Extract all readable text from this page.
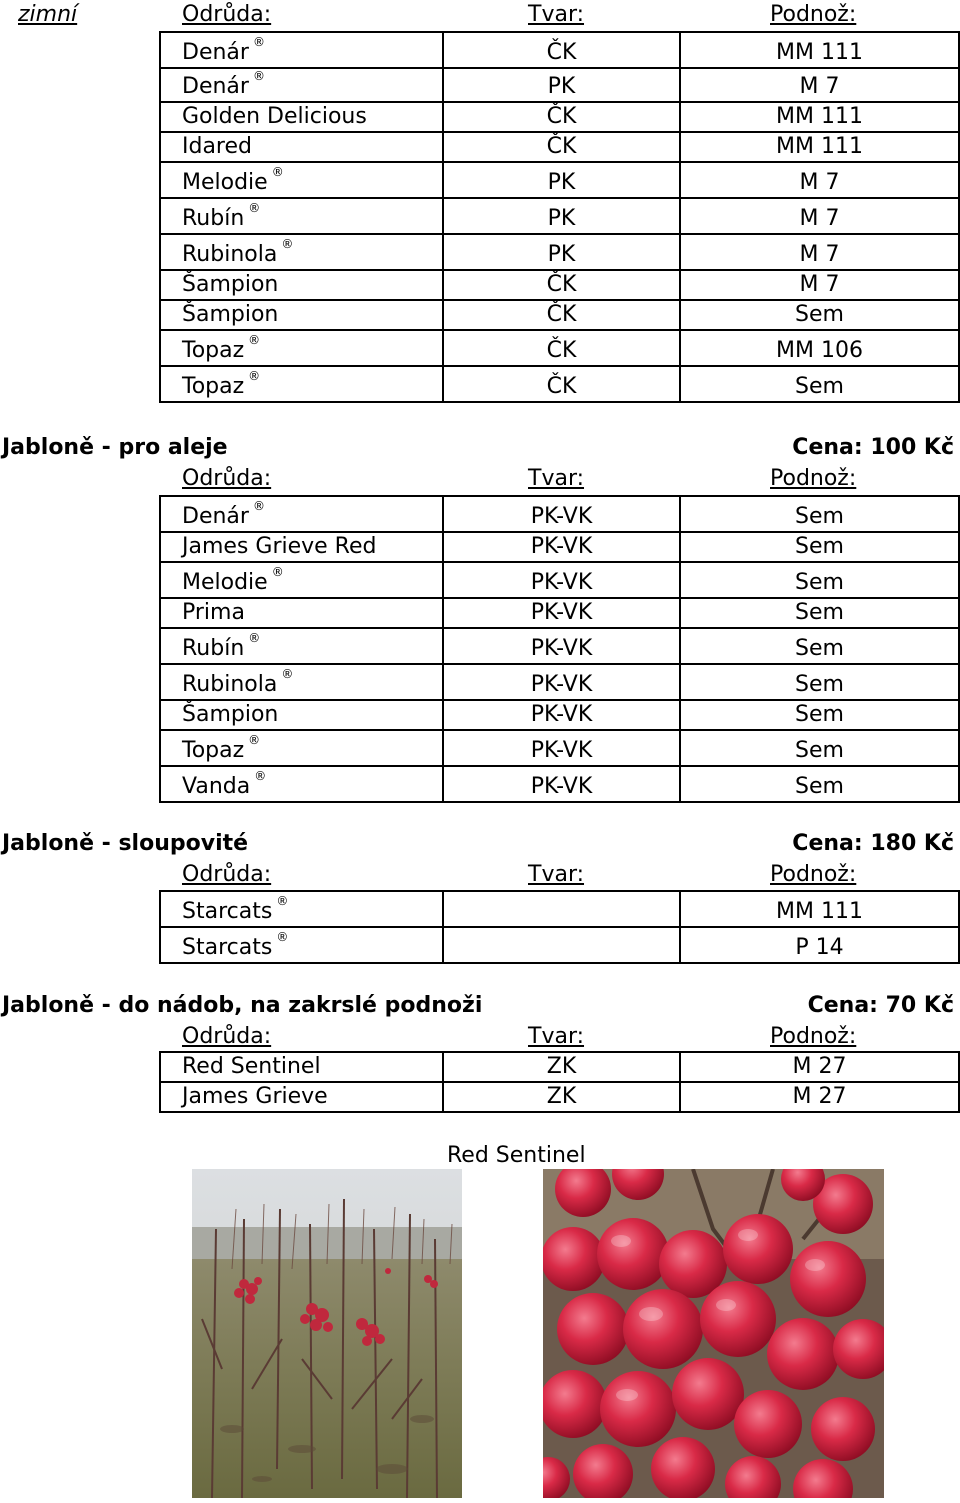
zimní	Odrůda:	Tvar:	Podnož:
Denár ®	ČK	MM 111
Denár ®	PK	M 7
Golden Delicious	ČK	MM 111
Idared	ČK	MM 111
Melodie ®	PK	M 7
Rubín ®	PK	M 7
Rubinola ®	PK	M 7
Šampion	ČK	M 7
Šampion	ČK	Sem
Topaz ®	ČK	MM 106
Topaz ®	ČK	Sem
Jabloně - pro aleje	Cena: 100 Kč
Odrůda:	Tvar:	Podnož:
Denár ®	PK-VK	Sem
James Grieve Red	PK-VK	Sem
Melodie ®	PK-VK	Sem
Prima	PK-VK	Sem
Rubín ®	PK-VK	Sem
Rubinola ®	PK-VK	Sem
Šampion	PK-VK	Sem
Topaz ®	PK-VK	Sem
Vanda ®	PK-VK	Sem
Jabloně - sloupovité	Cena: 180 Kč
Odrůda:	Tvar:	Podnož:
Starcats ®		MM 111
Starcats ®		P 14
Jabloně - do nádob, na zakrslé podnoži	Cena: 70 Kč
Odrůda:	Tvar:	Podnož:
Red Sentinel	ZK	M 27
James Grieve	ZK	M 27
Red Sentinel
